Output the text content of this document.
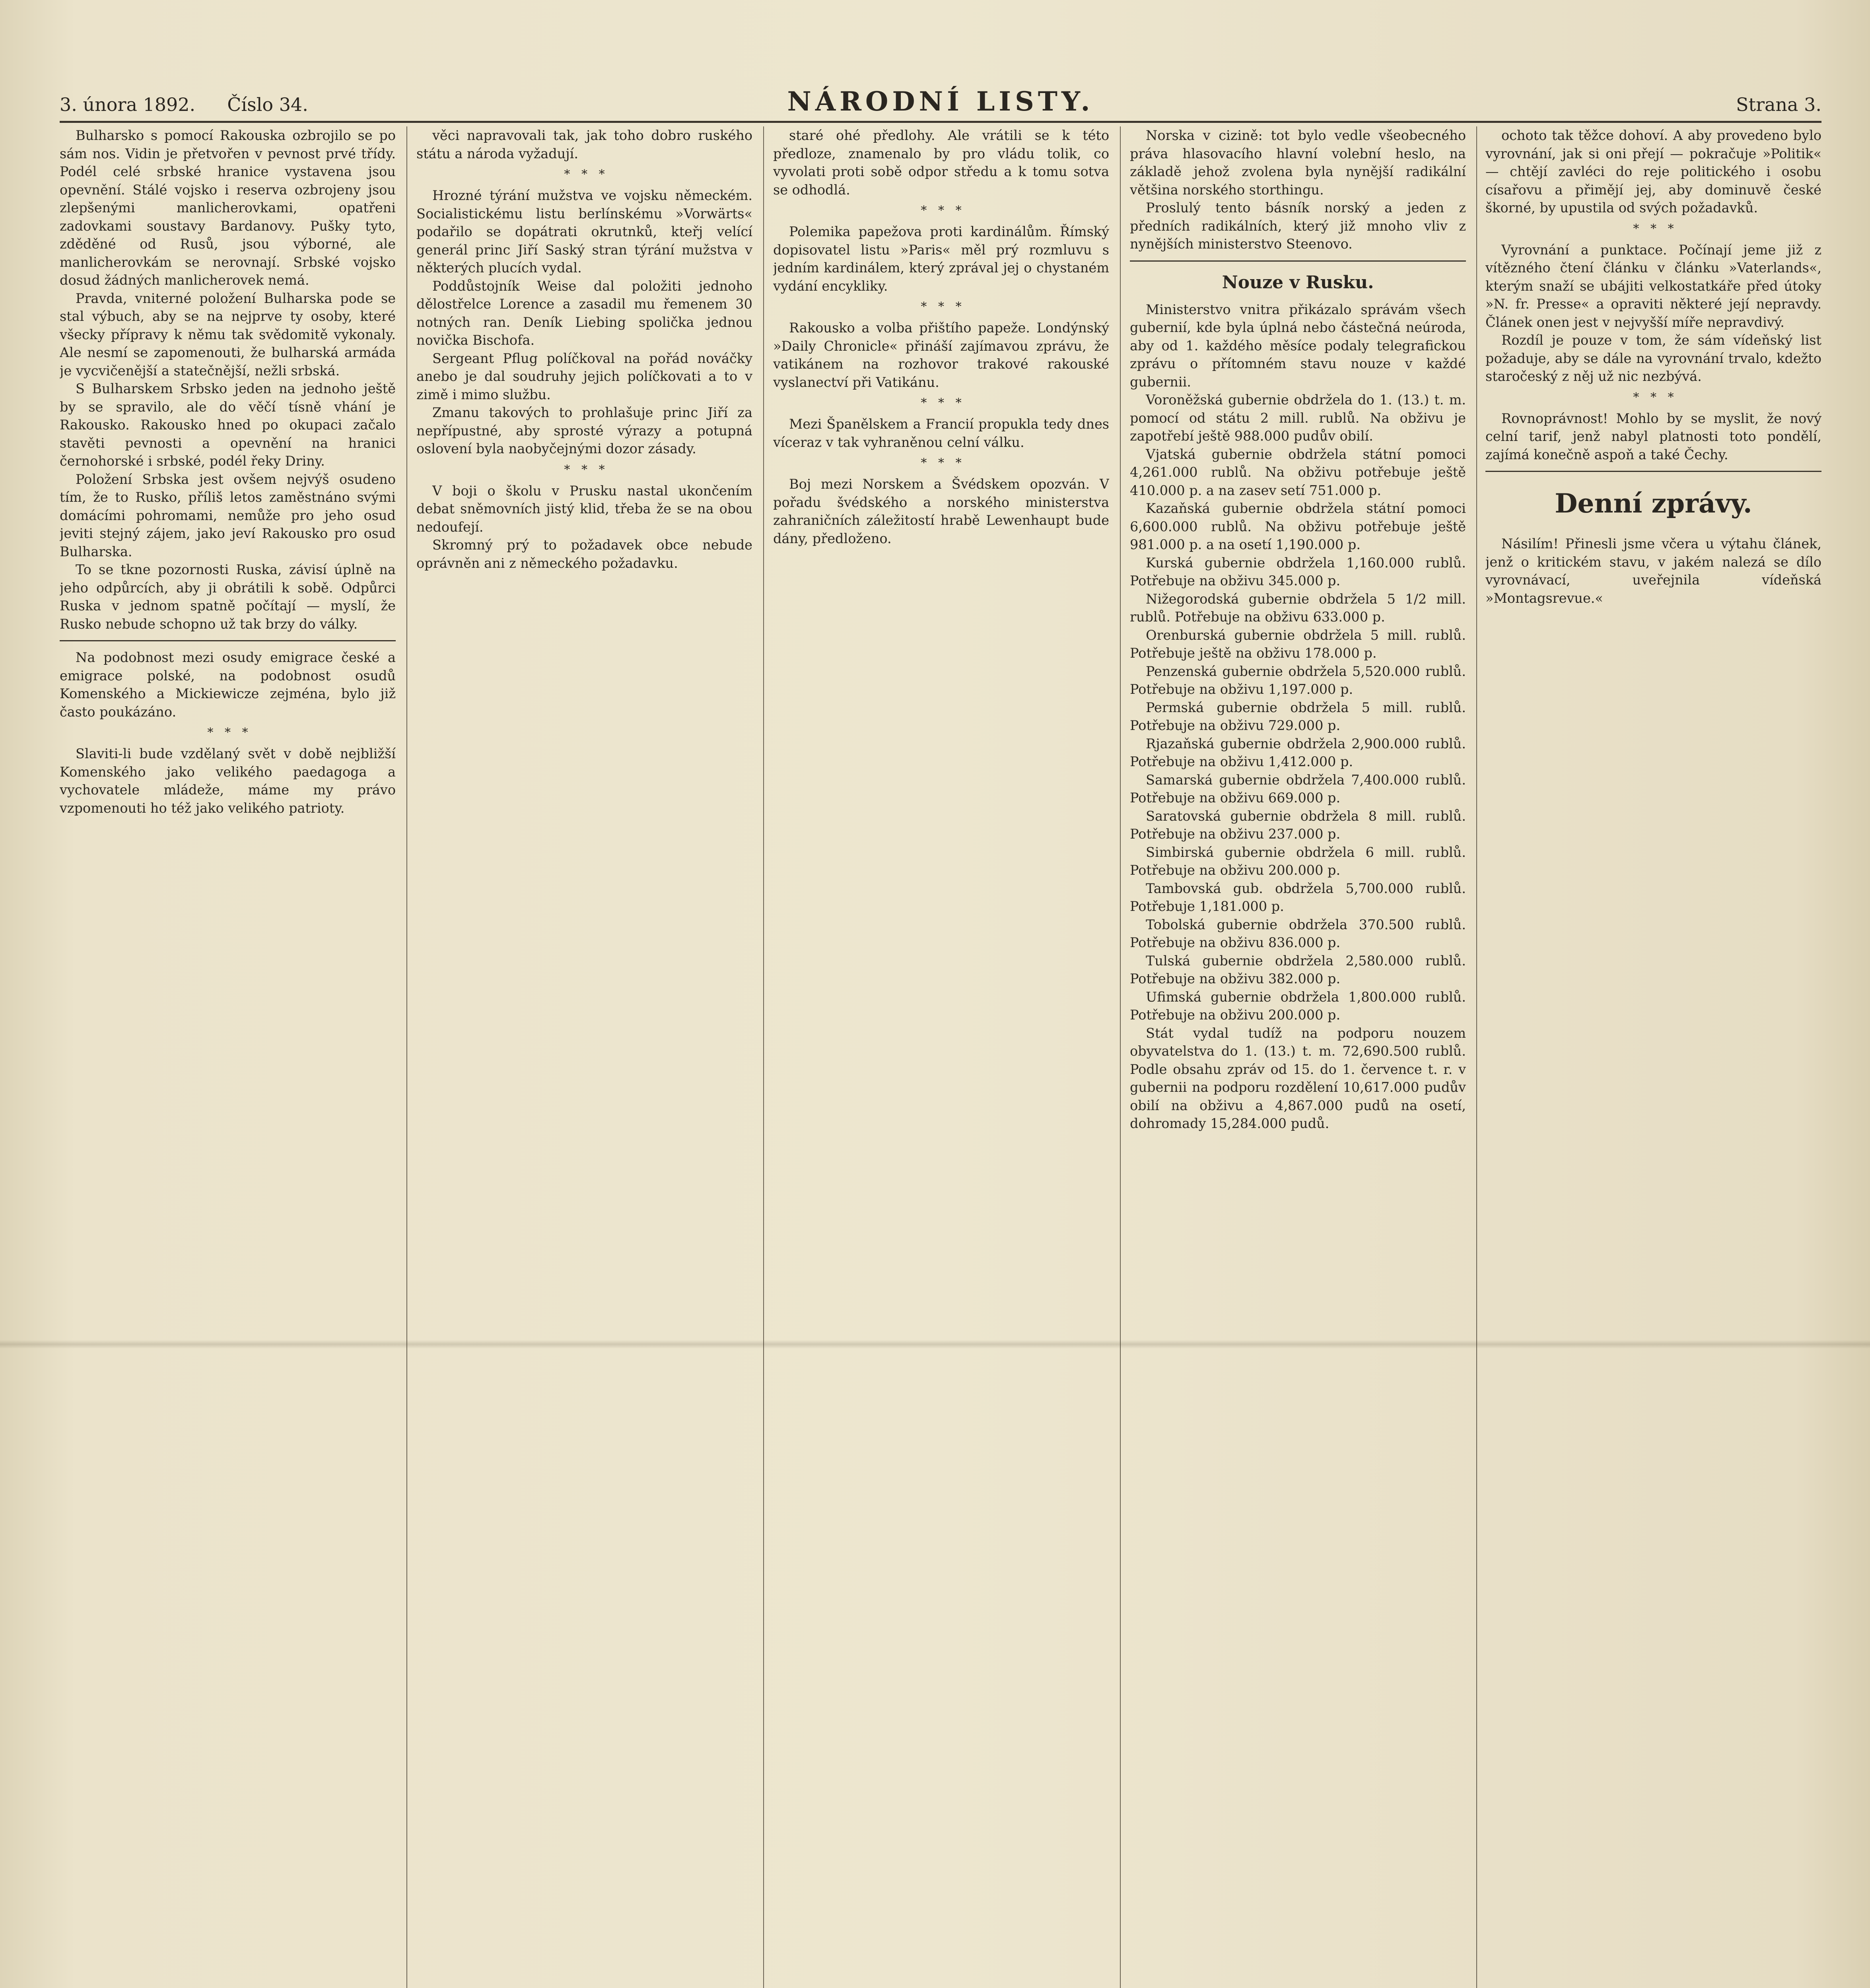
3. února 1892. Číslo 34.	NÁRODNÍ LISTY.	Strana 3.

Bulharsko s pomocí Rakouska ozbrojilo se po sám nos. Vidin je přetvořen v pevnost prvé třídy. Podél celé srbské hranice vystavena jsou opevnění. Stálé vojsko i reserva ozbrojeny jsou zlepšenými manlicherovkami, opatřeni zadovkami soustavy Bardanovy. Pušky tyto, zděděné od Rusů, jsou výborné, ale manlicherovkám se nerovnají. Srbské vojsko dosud žádných manlicherovek nemá.

Pravda, vniterné položení Bulharska pode se stal výbuch, aby se na nejprve ty osoby, které všecky přípravy k němu tak svědomitě vykonaly. Ale nesmí se zapomenouti, že bulharská armáda je vycvičenější a statečnější, nežli srbská.

S Bulharskem Srbsko jeden na jednoho ještě by se spravilo, ale do věčí tísně vhání je Rakousko. Rakousko hned po okupaci začalo stavěti pevnosti a opevnění na hranici černohorské i srbské, podél řeky Driny.

Položení Srbska jest ovšem nejvýš osudeno tím, že to Rusko, příliš letos zaměstnáno svými domácími pohromami, nemůže pro jeho osud jeviti stejný zájem, jako jeví Rakousko pro osud Bulharska.

To se tkne pozornosti Ruska, závisí úplně na jeho odpůrcích, aby ji obrátili k sobě. Odpůrci Ruska v jednom spatně počítají — myslí, že Rusko nebude schopno už tak brzy do války.

Na podobnost mezi osudy emigrace české a emigrace polské, na podobnost osudů Komenského a Mickiewicze zejména, bylo již často poukázáno.

*   *   *

Slaviti-li bude vzdělaný svět v době nejbližší Komenského jako velikého paedagoga a vychovatele mládeže, máme my právo vzpomenouti ho též jako velikého patrioty.

věci napravovali tak, jak toho dobro ruského státu a národa vyžadují.

*   *   *

Hrozné týrání mužstva ve vojsku německém. Socialistickému listu berlínskému »Vorwärts« podařilo se dopátrati okrutnků, kteřj velící generál princ Jiří Saský stran týrání mužstva v některých plucích vydal.

Poddůstojník Weise dal položiti jednoho dělostřelce Lorence a zasadil mu řemenem 30 notných ran. Deník Liebing spolička jednou novička Bischofa.

Sergeant Pflug políčkoval na pořád nováčky anebo je dal soudruhy jejich políčkovati a to v zimě i mimo službu.

Zmanu takových to prohlašuje princ Jiří za nepřípustné, aby sprosté výrazy a potupná oslovení byla naobyčejnými dozor zásady.

*   *   *

V boji o školu v Prusku nastal ukončením debat sněmovních jistý klid, třeba že se na obou nedoufejí.

Skromný prý to požadavek obce nebude oprávněn ani z německého požadavku.

staré ohé předlohy. Ale vrátili se k této předloze, znamenalo by pro vládu tolik, co vyvolati proti sobě odpor středu a k tomu sotva se odhodlá.

*   *   *

Polemika papežova proti kardinálům. Římský dopisovatel listu »Paris« měl prý rozmluvu s jedním kardinálem, který zprával jej o chystaném vydání encykliky.

*   *   *

Rakousko a volba přištího papeže. Londýnský »Daily Chronicle« přináší zajímavou zprávu, že vatikánem na rozhovor trakové rakouské vyslanectví při Vatikánu.

*   *   *

Mezi Španělskem a Francií propukla tedy dnes víceraz v tak vyhraněnou celní válku.

*   *   *

Boj mezi Norskem a Švédskem opozván. V pořadu švédského a norského ministerstva zahraničních záležitostí hrabě Lewenhaupt bude dány, předloženo.

Norska v cizině: tot bylo vedle všeobecného práva hlasovacího hlavní volební heslo, na základě jehož zvolena byla nynější radikální většina norského storthingu.

Proslulý tento básník norský a jeden z předních radikálních, který již mnoho vliv z nynějších ministerstvo Steenovo.

Nouze v Rusku.

Ministerstvo vnitra přikázalo správám všech gubernií, kde byla úplná nebo částečná neúroda, aby od 1. každého měsíce podaly telegrafickou zprávu o přítomném stavu nouze v každé gubernii.

Voroněžská gubernie obdržela do 1. (13.) t. m. pomocí od státu 2 mill. rublů. Na obživu je zapotřebí ještě 988.000 pudův obilí.

Vjatská gubernie obdržela státní pomoci 4,261.000 rublů. Na obživu potřebuje ještě 410.000 p. a na zasev setí 751.000 p.

Kazaňská gubernie obdržela státní pomoci 6,600.000 rublů. Na obživu potřebuje ještě 981.000 p. a na osetí 1,190.000 p.

Kurská gubernie obdržela 1,160.000 rublů. Potřebuje na obživu 345.000 p.

Nižegorodská gubernie obdržela 5 1/2 mill. rublů. Potřebuje na obživu 633.000 p.

Orenburská gubernie obdržela 5 mill. rublů. Potřebuje ještě na obživu 178.000 p.

Penzenská gubernie obdržela 5,520.000 rublů. Potřebuje na obživu 1,197.000 p.

Permská gubernie obdržela 5 mill. rublů. Potřebuje na obživu 729.000 p.

Rjazaňská gubernie obdržela 2,900.000 rublů. Potřebuje na obživu 1,412.000 p.

Samarská gubernie obdržela 7,400.000 rublů. Potřebuje na obživu 669.000 p.

Saratovská gubernie obdržela 8 mill. rublů. Potřebuje na obživu 237.000 p.

Simbirská gubernie obdržela 6 mill. rublů. Potřebuje na obživu 200.000 p.

Tambovská gub. obdržela 5,700.000 rublů. Potřebuje 1,181.000 p.

Tobolská gubernie obdržela 370.500 rublů. Potřebuje na obživu 836.000 p.

Tulská gubernie obdržela 2,580.000 rublů. Potřebuje na obživu 382.000 p.

Ufimská gubernie obdržela 1,800.000 rublů. Potřebuje na obživu 200.000 p.

Stát vydal tudíž na podporu nouzem obyvatelstva do 1. (13.) t. m. 72,690.500 rublů. Podle obsahu zpráv od 15. do 1. července t. r. v gubernii na podporu rozdělení 10,617.000 pudův obilí na obživu a 4,867.000 pudů na osetí, dohromady 15,284.000 pudů.

ochoto tak těžce dohoví. A aby provedeno bylo vyrovnání, jak si oni přejí — pokračuje »Politik« — chtějí zavléci do reje politického i osobu císařovu a přimějí jej, aby dominuvě české škorné, by upustila od svých požadavků.

*   *   *

Vyrovnání a punktace. Počínají jeme již z vítězného čtení článku v článku »Vaterlands«, kterým snaží se ubájiti velkostatkáře před útoky »N. fr. Presse« a opraviti některé její nepravdy. Článek onen jest v nejvyšší míře nepravdivý.

Rozdíl je pouze v tom, že sám vídeňský list požaduje, aby se dále na vyrovnání trvalo, kdežto staročeský z něj už nic nezbývá.

*   *   *

Rovnoprávnost! Mohlo by se myslit, že nový celní tarif, jenž nabyl platnosti toto pondělí, zajímá konečně aspoň a také Čechy.

Denní zprávy.

Násilím! Přinesli jsme včera u výtahu článek, jenž o kritickém stavu, v jakém nalezá se dílo vyrovnávací, uveřejnila vídeňská »Montagsrevue.«
